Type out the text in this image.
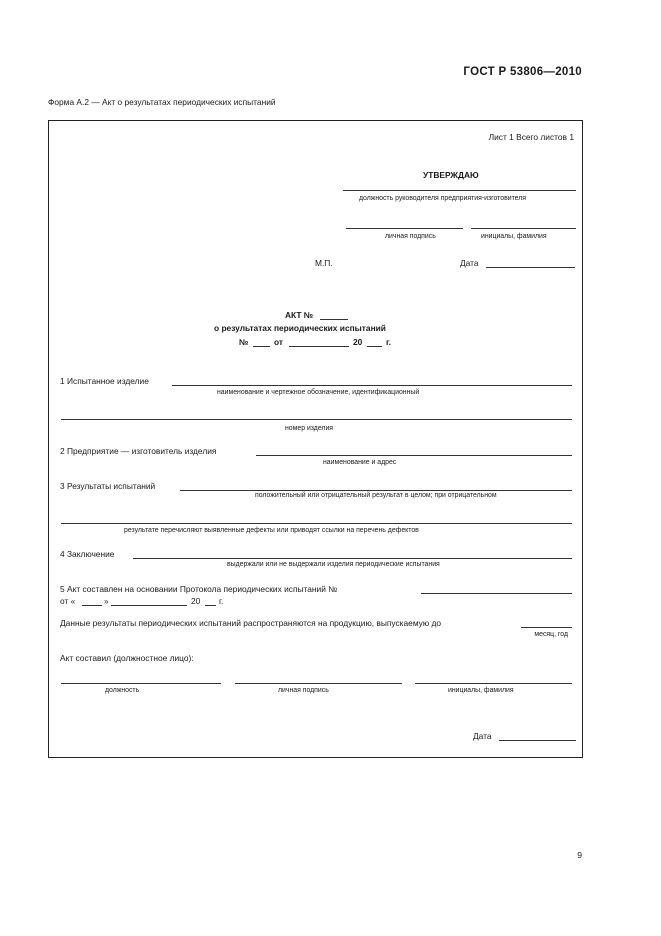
ГОСТ Р 53806—2010
Форма А.2 — Акт о результатах периодических испытаний
Лист 1 Всего листов 1
УТВЕРЖДАЮ
должность руководителя предприятия-изготовителя
личная подпись	инициалы, фамилия
М.П.	Дата
АКТ №
о результатах периодических испытаний
№	от	20	г.
1 Испытанное изделие
наименование и чертежное обозначение, идентификационный
номер изделия
2 Предприятие — изготовитель изделия
наименование и адрес
3 Результаты испытаний
положительный или отрицательный результат в целом; при отрицательном
результате перечисляют выявленные дефекты или приводят ссылки на перечень дефектов
4 Заключение
выдержали или не выдержали изделия периодические испытания
5 Акт составлен на основании Протокола периодических испытаний №
от «	»	20 г.
Данные результаты периодических испытаний распространяются на продукцию, выпускаемую до
месяц, год
Акт составил (должностное лицо):
должность	личная подпись	инициалы, фамилия
Дата
9
